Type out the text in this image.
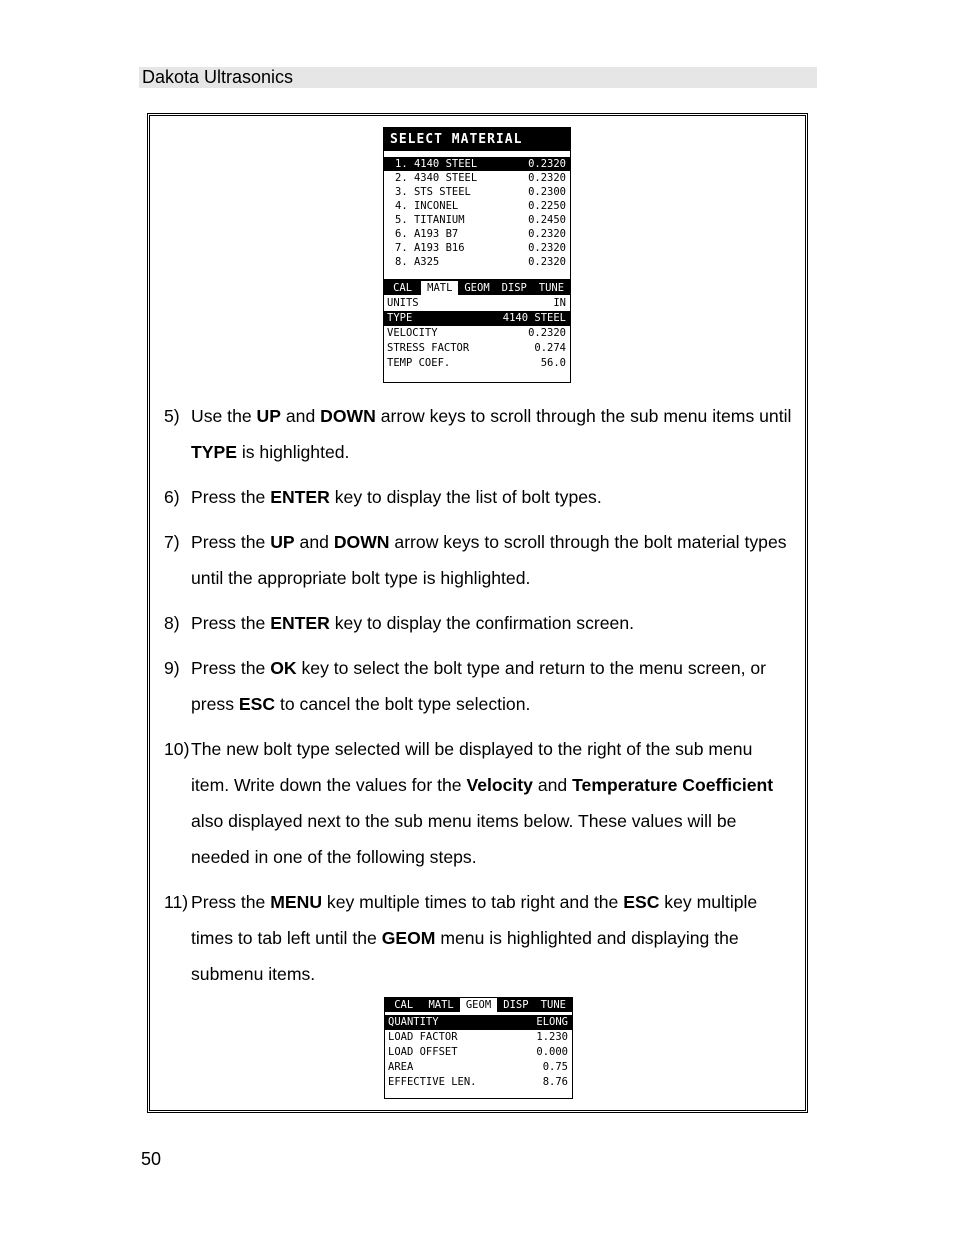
Dakota Ultrasonics
SELECT MATERIAL
1. 4140 STEEL	0.2320
2. 4340 STEEL	0.2320
3. STS STEEL	0.2300
4. INCONEL	0.2250
5. TITANIUM	0.2450
6. A193 B7	0.2320
7. A193 B16	0.2320
8. A325	0.2320
CAL	MATL	GEOM	DISP	TUNE
UNITS	IN
TYPE	4140 STEEL
VELOCITY	0.2320
STRESS FACTOR	0.274
TEMP COEF.	56.0
5) Use the UP and DOWN arrow keys to scroll through the sub menu items until TYPE is highlighted.
6) Press the ENTER key to display the list of bolt types.
7) Press the UP and DOWN arrow keys to scroll through the bolt material types until the appropriate bolt type is highlighted.
8) Press the ENTER key to display the confirmation screen.
9) Press the OK key to select the bolt type and return to the menu screen, or press ESC to cancel the bolt type selection.
10) The new bolt type selected will be displayed to the right of the sub menu item. Write down the values for the Velocity and Temperature Coefficient also displayed next to the sub menu items below. These values will be needed in one of the following steps.
11) Press the MENU key multiple times to tab right and the ESC key multiple times to tab left until the GEOM menu is highlighted and displaying the submenu items.
CAL	MATL	GEOM	DISP	TUNE
QUANTITY	ELONG
LOAD FACTOR	1.230
LOAD OFFSET	0.000
AREA	0.75
EFFECTIVE LEN.	8.76
50
